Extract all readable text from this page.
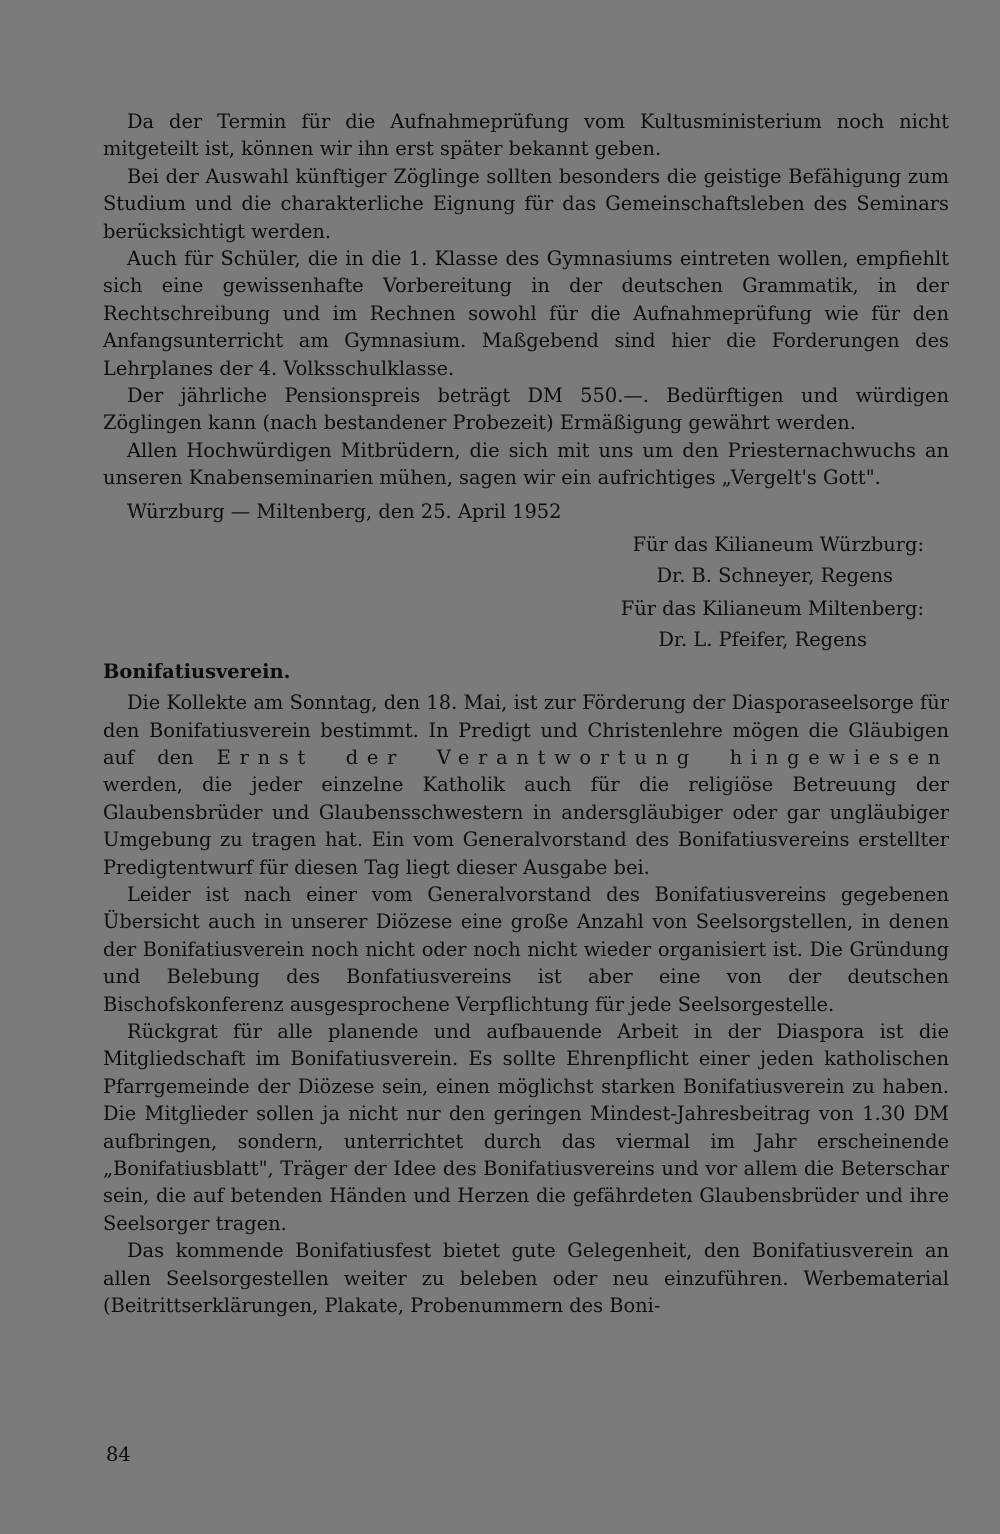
Da der Termin für die Aufnahmeprüfung vom Kultusministerium noch nicht mitgeteilt ist, können wir ihn erst später bekannt geben.

Bei der Auswahl künftiger Zöglinge sollten besonders die geistige Befähigung zum Studium und die charakterliche Eignung für das Gemeinschaftsleben des Seminars berücksichtigt werden.

Auch für Schüler, die in die 1. Klasse des Gymnasiums eintreten wollen, empfiehlt sich eine gewissenhafte Vorbereitung in der deutschen Grammatik, in der Rechtschreibung und im Rechnen sowohl für die Aufnahmeprüfung wie für den Anfangsunterricht am Gymnasium. Maßgebend sind hier die Forderungen des Lehrplanes der 4. Volksschulklasse.

Der jährliche Pensionspreis beträgt DM 550.—. Bedürftigen und würdigen Zöglingen kann (nach bestandener Probezeit) Ermäßigung gewährt werden.

Allen Hochwürdigen Mitbrüdern, die sich mit uns um den Priesternachwuchs an unseren Knabenseminarien mühen, sagen wir ein aufrichtiges „Vergelt's Gott".

Würzburg — Miltenberg, den 25. April 1952

Für das Kilianeum Würzburg:
Dr. B. Schneyer, Regens
Für das Kilianeum Miltenberg:
Dr. L. Pfeifer, Regens
Bonifatiusverein.

Die Kollekte am Sonntag, den 18. Mai, ist zur Förderung der Diasporaseelsorge für den Bonifatiusverein bestimmt. In Predigt und Christenlehre mögen die Gläubigen auf den Ernst der Verantwortung hingewiesen werden, die jeder einzelne Katholik auch für die religiöse Betreuung der Glaubensbrüder und Glaubensschwestern in andersgläubiger oder gar ungläubiger Umgebung zu tragen hat. Ein vom Generalvorstand des Bonifatiusvereins erstellter Predigtentwurf für diesen Tag liegt dieser Ausgabe bei.

Leider ist nach einer vom Generalvorstand des Bonifatiusvereins gegebenen Übersicht auch in unserer Diözese eine große Anzahl von Seelsorgstellen, in denen der Bonifatiusverein noch nicht oder noch nicht wieder organisiert ist. Die Gründung und Belebung des Bonfatiusvereins ist aber eine von der deutschen Bischofskonferenz ausgesprochene Verpflichtung für jede Seelsorgestelle.

Rückgrat für alle planende und aufbauende Arbeit in der Diaspora ist die Mitgliedschaft im Bonifatiusverein. Es sollte Ehrenpflicht einer jeden katholischen Pfarrgemeinde der Diözese sein, einen möglichst starken Bonifatiusverein zu haben. Die Mitglieder sollen ja nicht nur den geringen Mindest-Jahresbeitrag von 1.30 DM aufbringen, sondern, unterrichtet durch das viermal im Jahr erscheinende „Bonifatiusblatt", Träger der Idee des Bonifatiusvereins und vor allem die Beterschar sein, die auf betenden Händen und Herzen die gefährdeten Glaubensbrüder und ihre Seelsorger tragen.

Das kommende Bonifatiusfest bietet gute Gelegenheit, den Bonifatiusverein an allen Seelsorgestellen weiter zu beleben oder neu einzuführen. Werbematerial (Beitrittserklärungen, Plakate, Probenummern des Boni-

84
